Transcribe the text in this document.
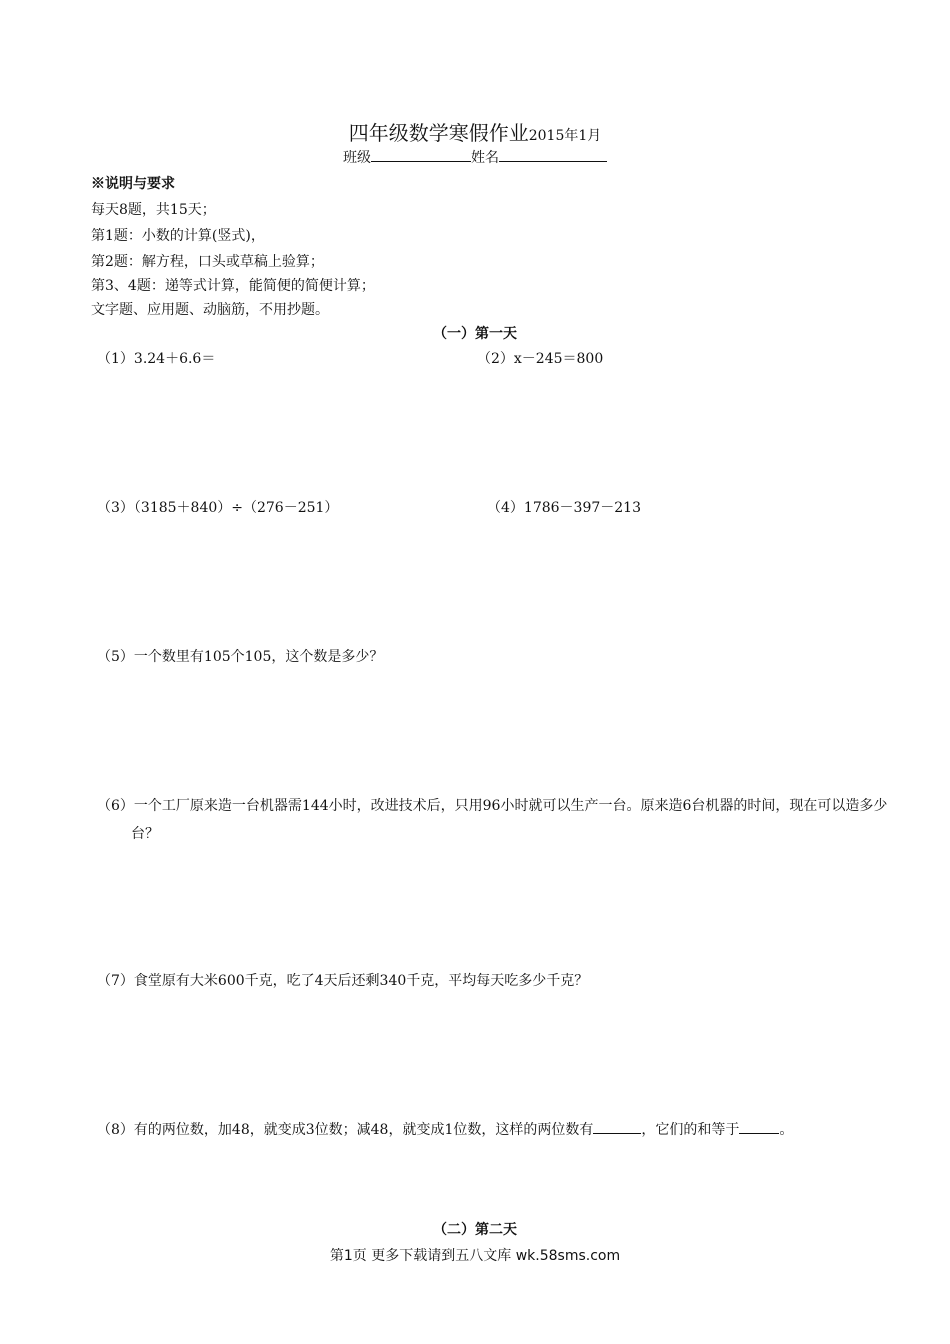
四年级数学寒假作业2015年1月
班级	姓名
※说明与要求
每天8题，共15天；
第1题：小数的计算(竖式)，
第2题：解方程，口头或草稿上验算；
第3、4题：递等式计算，能简便的简便计算；
文字题、应用题、动脑筋，不用抄题。
（一）第一天
（1）3.24＋6.6＝	（2）x－245＝800
（3）（3185＋840）÷（276－251）	（4）1786－397－213
（5）一个数里有105个105，这个数是多少？
（6）一个工厂原来造一台机器需144小时，改进技术后，只用96小时就可以生产一台。原来造6台机器的时间，现在可以造多少台？
（7）食堂原有大米600千克，吃了4天后还剩340千克，平均每天吃多少千克？
（8）有的两位数，加48，就变成3位数；减48，就变成1位数，这样的两位数有	，它们的和等于	。
（二）第二天
第1页 更多下载请到五八文库 wk.58sms.com
